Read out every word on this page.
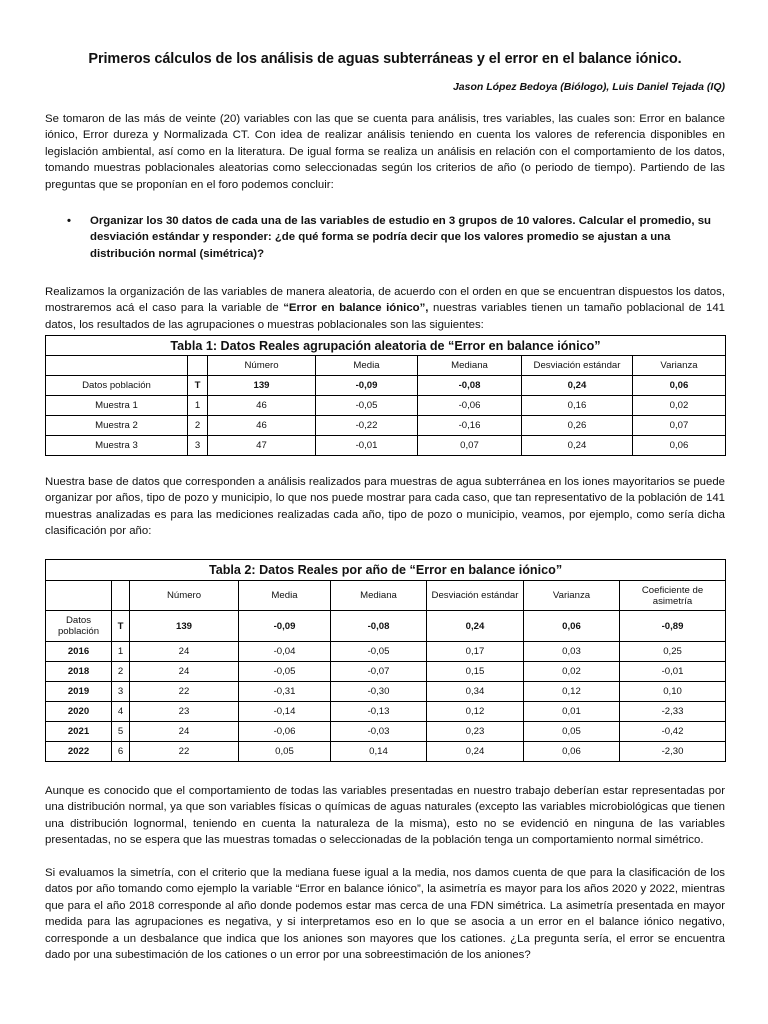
Primeros cálculos de los análisis de aguas subterráneas y el error en el balance iónico.
Jason López Bedoya (Biólogo), Luis Daniel Tejada (IQ)

Se tomaron de las más de veinte (20) variables con las que se cuenta para análisis, tres variables, las cuales son: Error en balance iónico, Error dureza y Normalizada CT. Con idea de realizar análisis teniendo en cuenta los valores de referencia disponibles en legislación ambiental, así como en la literatura. De igual forma se realiza un análisis en relación con el comportamiento de los datos, tomando muestras poblacionales aleatorias como seleccionadas según los criterios de año (o periodo de tiempo). Partiendo de las preguntas que se proponían en el foro podemos concluir:

• Organizar los 30 datos de cada una de las variables de estudio en 3 grupos de 10 valores. Calcular el promedio, su desviación estándar y responder: ¿de qué forma se podría decir que los valores promedio se ajustan a una distribución normal (simétrica)?

Realizamos la organización de las variables de manera aleatoria, de acuerdo con el orden en que se encuentran dispuestos los datos, mostraremos acá el caso para la variable de “Error en balance iónico”, nuestras variables tienen un tamaño poblacional de 141 datos, los resultados de las agrupaciones o muestras poblacionales son las siguientes:

Tabla 1: Datos Reales agrupación aleatoria de “Error en balance iónico”						
		Número	Media	Mediana	Desviación estándar	Varianza
Datos población	T	139	-0,09	-0,08	0,24	0,06
Muestra 1	1	46	-0,05	-0,06	0,16	0,02
Muestra 2	2	46	-0,22	-0,16	0,26	0,07
Muestra 3	3	47	-0,01	0,07	0,24	0,06

Nuestra base de datos que corresponden a análisis realizados para muestras de agua subterránea en los iones mayoritarios se puede organizar por años, tipo de pozo y municipio, lo que nos puede mostrar para cada caso, que tan representativo de la población de 141 muestras analizadas es para las mediciones realizadas cada año, tipo de pozo o municipio, veamos, por ejemplo, como sería dicha clasificación por año:

Tabla 2: Datos Reales por año de “Error en balance iónico”							
		Número	Media	Mediana	Desviación estándar	Varianza	Coeficiente de asimetría
Datos población	T	139	-0,09	-0,08	0,24	0,06	-0,89
2016	1	24	-0,04	-0,05	0,17	0,03	0,25
2018	2	24	-0,05	-0,07	0,15	0,02	-0,01
2019	3	22	-0,31	-0,30	0,34	0,12	0,10
2020	4	23	-0,14	-0,13	0,12	0,01	-2,33
2021	5	24	-0,06	-0,03	0,23	0,05	-0,42
2022	6	22	0,05	0,14	0,24	0,06	-2,30

Aunque es conocido que el comportamiento de todas las variables presentadas en nuestro trabajo deberían estar representadas por una distribución normal, ya que son variables físicas o químicas de aguas naturales (excepto las variables microbiológicas que tienen una distribución lognormal, teniendo en cuenta la naturaleza de la misma), esto no se evidenció en ninguna de las variables presentadas, no se espera que las muestras tomadas o seleccionadas de la población tenga un comportamiento normal simétrico.

Si evaluamos la simetría, con el criterio que la mediana fuese igual a la media, nos damos cuenta de que para la clasificación de los datos por año tomando como ejemplo la variable “Error en balance iónico”, la asimetría es mayor para los años 2020 y 2022, mientras que para el año 2018 corresponde al año donde podemos estar mas cerca de una FDN simétrica. La asimetría presentada en mayor medida para las agrupaciones es negativa, y si interpretamos eso en lo que se asocia a un error en el balance iónico negativo, corresponde a un desbalance que indica que los aniones son mayores que los cationes. ¿La pregunta sería, el error se encuentra dado por una subestimación de los cationes o un error por una sobreestimación de los aniones?
